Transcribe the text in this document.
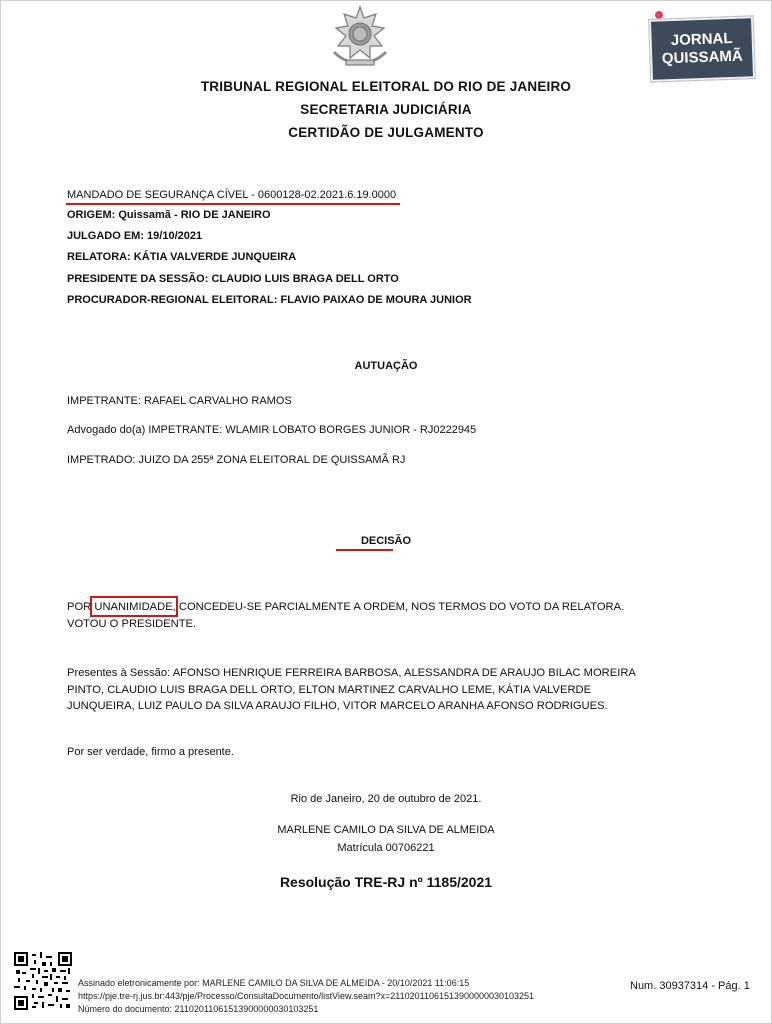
JORNAL
QUISSAMÃ
TRIBUNAL REGIONAL ELEITORAL DO RIO DE JANEIRO
SECRETARIA JUDICIÁRIA
CERTIDÃO DE JULGAMENTO
MANDADO DE SEGURANÇA CÍVEL - 0600128-02.2021.6.19.0000
ORIGEM: Quissamã - RIO DE JANEIRO
JULGADO EM: 19/10/2021
RELATORA: KÁTIA VALVERDE JUNQUEIRA
PRESIDENTE DA SESSÃO: CLAUDIO LUIS BRAGA DELL ORTO
PROCURADOR-REGIONAL ELEITORAL: FLAVIO PAIXAO DE MOURA JUNIOR
AUTUAÇÃO
IMPETRANTE: RAFAEL CARVALHO RAMOS
Advogado do(a) IMPETRANTE: WLAMIR LOBATO BORGES JUNIOR - RJ0222945
IMPETRADO: JUIZO DA 255ª ZONA ELEITORAL DE QUISSAMÃ RJ
DECISÃO
POR UNANIMIDADE, CONCEDEU-SE PARCIALMENTE A ORDEM, NOS TERMOS DO VOTO DA RELATORA.
VOTOU O PRESIDENTE.
Presentes à Sessão: AFONSO HENRIQUE FERREIRA BARBOSA, ALESSANDRA DE ARAUJO BILAC MOREIRA PINTO, CLAUDIO LUIS BRAGA DELL ORTO, ELTON MARTINEZ CARVALHO LEME, KÁTIA VALVERDE JUNQUEIRA, LUIZ PAULO DA SILVA ARAUJO FILHO, VITOR MARCELO ARANHA AFONSO RODRIGUES.
Por ser verdade, firmo a presente.
Rio de Janeiro, 20 de outubro de 2021.
MARLENE CAMILO DA SILVA DE ALMEIDA
Matrícula 00706221
Resolução TRE-RJ nº 1185/2021
Assinado eletronicamente por: MARLENE CAMILO DA SILVA DE ALMEIDA - 20/10/2021 11:06:15
https://pje.tre-rj.jus.br:443/pje/Processo/ConsultaDocumento/listView.seam?x=21102011061513900000030103251
Número do documento: 21102011061513900000030103251
Num. 30937314 - Pág. 1
